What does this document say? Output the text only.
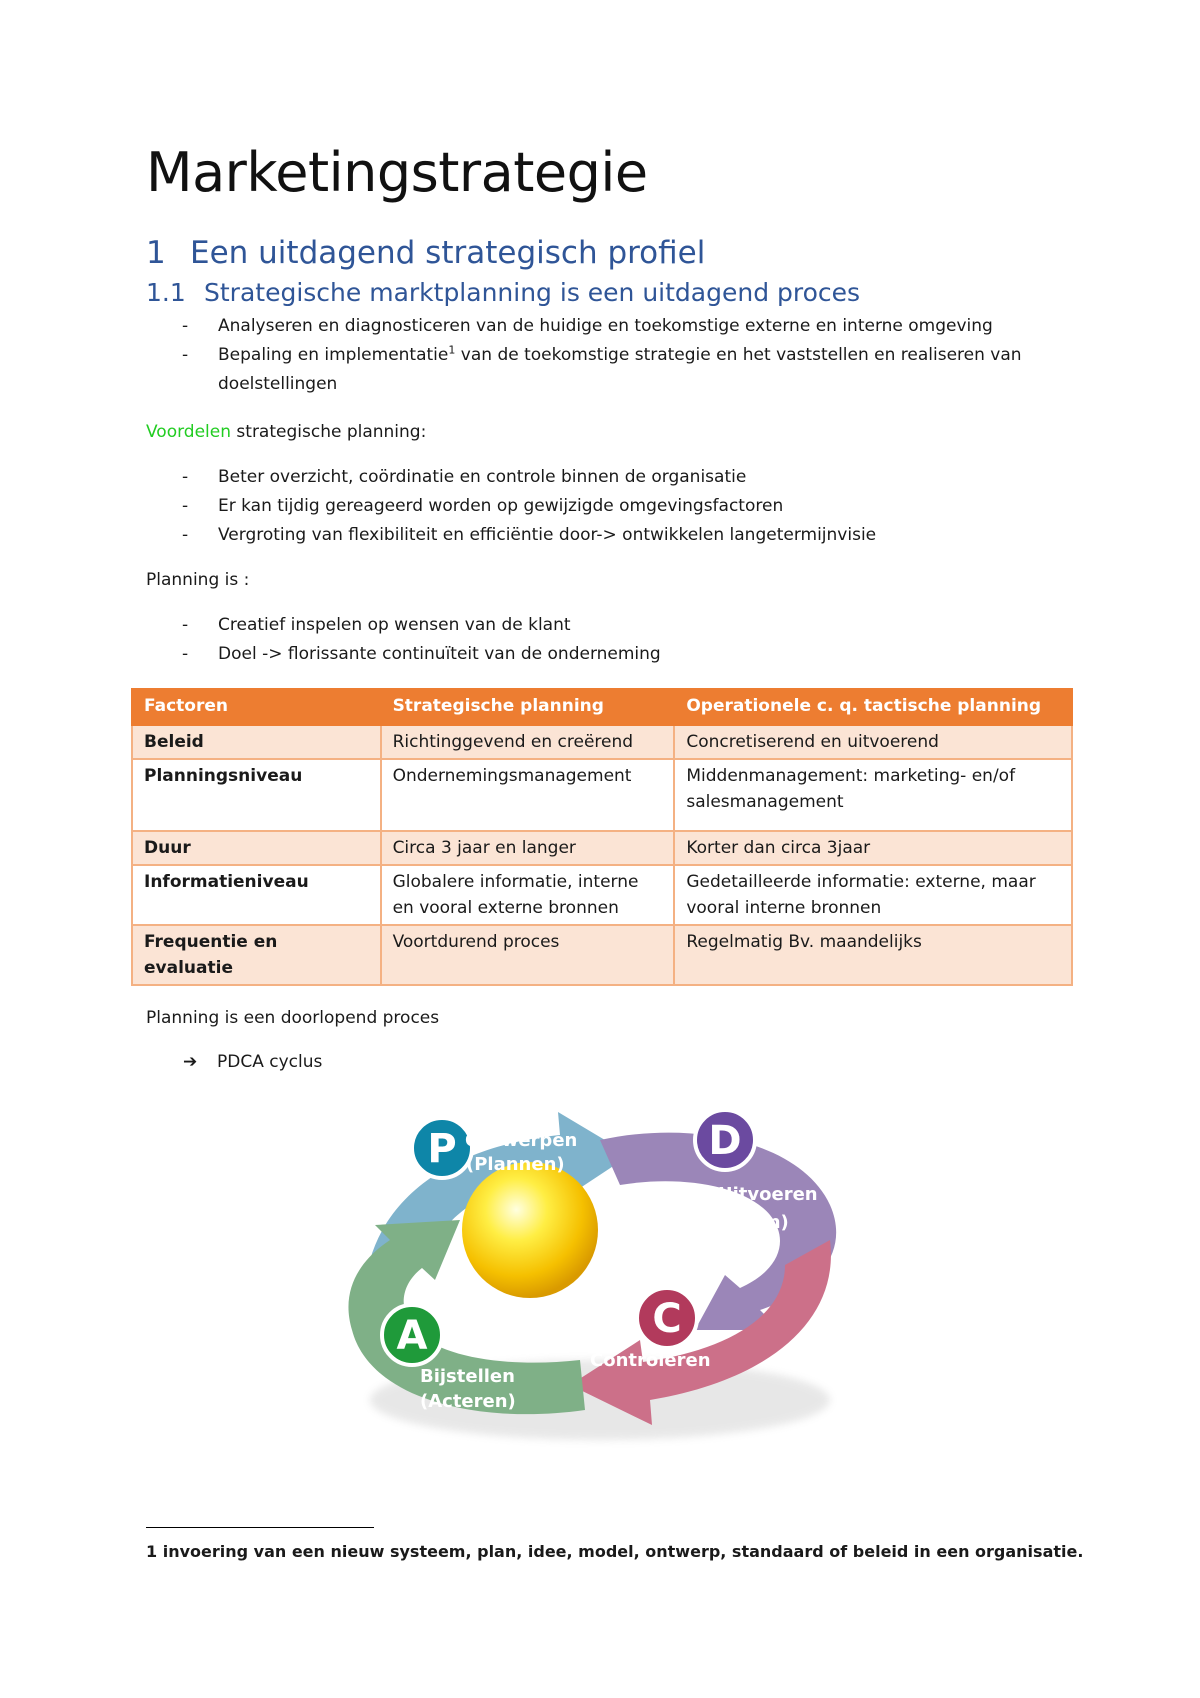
Marketingstrategie
1 Een uitdagend strategisch profiel
1.1 Strategische marktplanning is een uitdagend proces
- Analyseren en diagnosticeren van de huidige en toekomstige externe en interne omgeving
- Bepaling en implementatie$^1$ van de toekomstige strategie en het vaststellen en realiseren van
doelstellingen
Voordelen strategische planning:
- Beter overzicht, coördinatie en controle binnen de organisatie
- Er kan tijdig gereageerd worden op gewijzigde omgevingsfactoren
- Vergroting van flexibiliteit en efficiëntie door-> ontwikkelen langetermijnvisie
Planning is :
- Creatief inspelen op wensen van de klant
- Doel -> florissante continuïteit van de onderneming
Factoren	Strategische planning	Operationele c. q. tactische planning
Beleid	Richtinggevend en creërend	Concretiserend en uitvoerend
Planningsniveau	Ondernemingsmanagement	Middenmanagement: marketing- en/of salesmanagement
Duur	Circa 3 jaar en langer	Korter dan circa 3jaar
Informatieniveau	Globalere informatie, interne en vooral externe bronnen	Gedetailleerde informatie: externe, maar vooral interne bronnen
Frequentie en evaluatie	Voortdurend proces	Regelmatig Bv. maandelijks
Planning is een doorlopend proces
➔ PDCA cyclus
P Ontwerpen
(Plannen)
D
Uitvoeren
(Doen)
C
Controleren
A
Bijstellen
(Acteren)
1 invoering van een nieuw systeem, plan, idee, model, ontwerp, standaard of beleid in een organisatie.
